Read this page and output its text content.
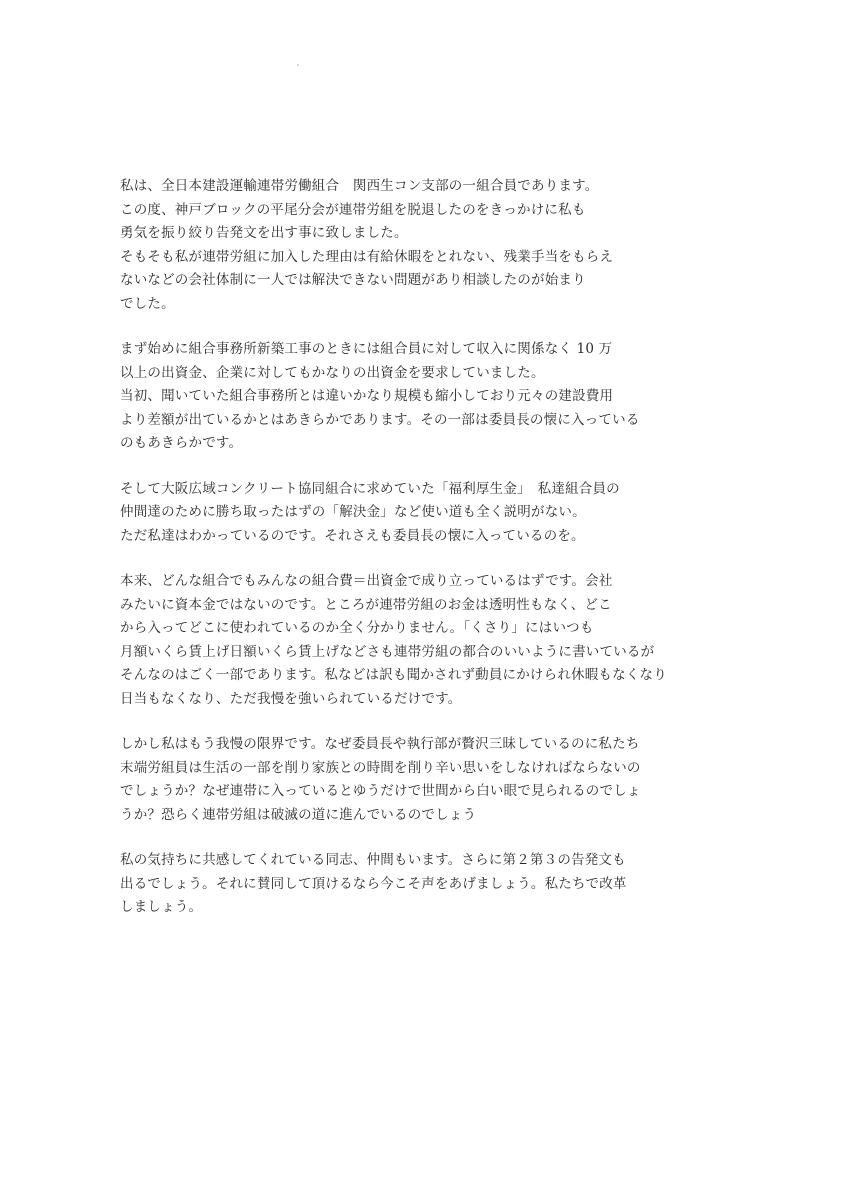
私は、全日本建設運輸連帯労働組合　関西生コン支部の一組合員であります。
この度、神戸ブロックの平尾分会が連帯労組を脱退したのをきっかけに私も
勇気を振り絞り告発文を出す事に致しました。
そもそも私が連帯労組に加入した理由は有給休暇をとれない、残業手当をもらえ
ないなどの会社体制に一人では解決できない問題があり相談したのが始まり
でした。
まず始めに組合事務所新築工事のときには組合員に対して収入に関係なく 10 万
以上の出資金、企業に対してもかなりの出資金を要求していました。
当初、聞いていた組合事務所とは違いかなり規模も縮小しており元々の建設費用
より差額が出ているかとはあきらかであります。その一部は委員長の懐に入っている
のもあきらかです。
そして大阪広域コンクリート協同組合に求めていた「福利厚生金」　私達組合員の
仲間達のために勝ち取ったはずの「解決金」など使い道も全く説明がない。
ただ私達はわかっているのです。それさえも委員長の懐に入っているのを。
本来、どんな組合でもみんなの組合費＝出資金で成り立っているはずです。会社
みたいに資本金ではないのです。ところが連帯労組のお金は透明性もなく、どこ
から入ってどこに使われているのか全く分かりません。「くさり」にはいつも
月額いくら賃上げ日額いくら賃上げなどさも連帯労組の都合のいいように書いているが
そんなのはごく一部であります。私などは訳も聞かされず動員にかけられ休暇もなくなり
日当もなくなり、ただ我慢を強いられているだけです。
しかし私はもう我慢の限界です。なぜ委員長や執行部が贅沢三昧しているのに私たち
末端労組員は生活の一部を削り家族との時間を削り辛い思いをしなければならないの
でしょうか？なぜ連帯に入っているとゆうだけで世間から白い眼で見られるのでしょ
うか？恐らく連帯労組は破滅の道に進んでいるのでしょう
私の気持ちに共感してくれている同志、仲間もいます。さらに第２第３の告発文も
出るでしょう。それに賛同して頂けるなら今こそ声をあげましょう。私たちで改革
しましょう。
